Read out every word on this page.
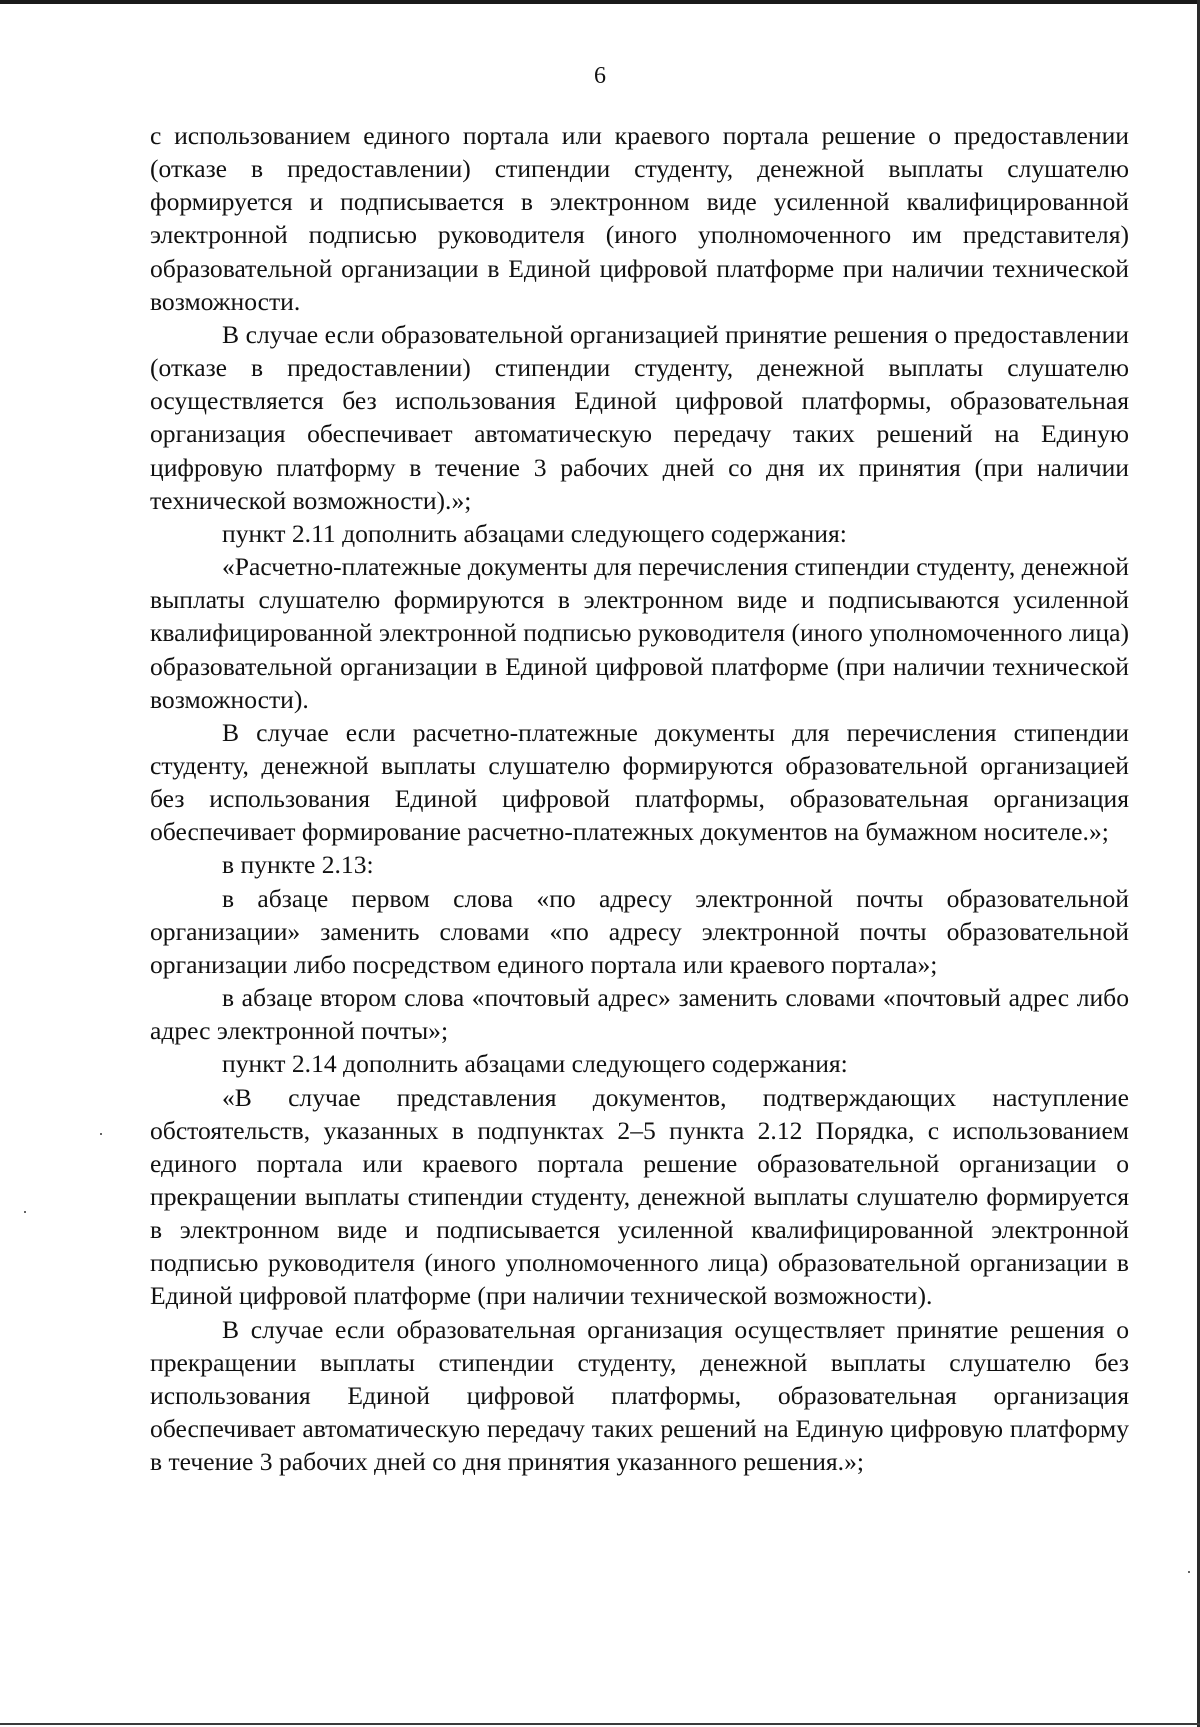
6

с использованием единого портала или краевого портала решение о предоставлении (отказе в предоставлении) стипендии студенту, денежной выплаты слушателю формируется и подписывается в электронном виде усиленной квалифицированной электронной подписью руководителя (иного уполномоченного им представителя) образовательной организации в Единой цифровой платформе при наличии технической возможности.

В случае если образовательной организацией принятие решения о предоставлении (отказе в предоставлении) стипендии студенту, денежной выплаты слушателю осуществляется без использования Единой цифровой платформы, образовательная организация обеспечивает автоматическую передачу таких решений на Единую цифровую платформу в течение 3 рабочих дней со дня их принятия (при наличии технической возможности).»;

пункт 2.11 дополнить абзацами следующего содержания:

«Расчетно-платежные документы для перечисления стипендии студенту, денежной выплаты слушателю формируются в электронном виде и подписываются усиленной квалифицированной электронной подписью руководителя (иного уполномоченного лица) образовательной организации в Единой цифровой платформе (при наличии технической возможности).

В случае если расчетно-платежные документы для перечисления стипендии студенту, денежной выплаты слушателю формируются образовательной организацией без использования Единой цифровой платформы, образовательная организация обеспечивает формирование расчетно-платежных документов на бумажном носителе.»;

в пункте 2.13:

в абзаце первом слова «по адресу электронной почты образовательной организации» заменить словами «по адресу электронной почты образовательной организации либо посредством единого портала или краевого портала»;

в абзаце втором слова «почтовый адрес» заменить словами «почтовый адрес либо адрес электронной почты»;

пункт 2.14 дополнить абзацами следующего содержания:

«В случае представления документов, подтверждающих наступление обстоятельств, указанных в подпунктах 2–5 пункта 2.12 Порядка, с использованием единого портала или краевого портала решение образовательной организации о прекращении выплаты стипендии студенту, денежной выплаты слушателю формируется в электронном виде и подписывается усиленной квалифицированной электронной подписью руководителя (иного уполномоченного лица) образовательной организации в Единой цифровой платформе (при наличии технической возможности).

В случае если образовательная организация осуществляет принятие решения о прекращении выплаты стипендии студенту, денежной выплаты слушателю без использования Единой цифровой платформы, образовательная организация обеспечивает автоматическую передачу таких решений на Единую цифровую платформу в течение 3 рабочих дней со дня принятия указанного решения.»;
